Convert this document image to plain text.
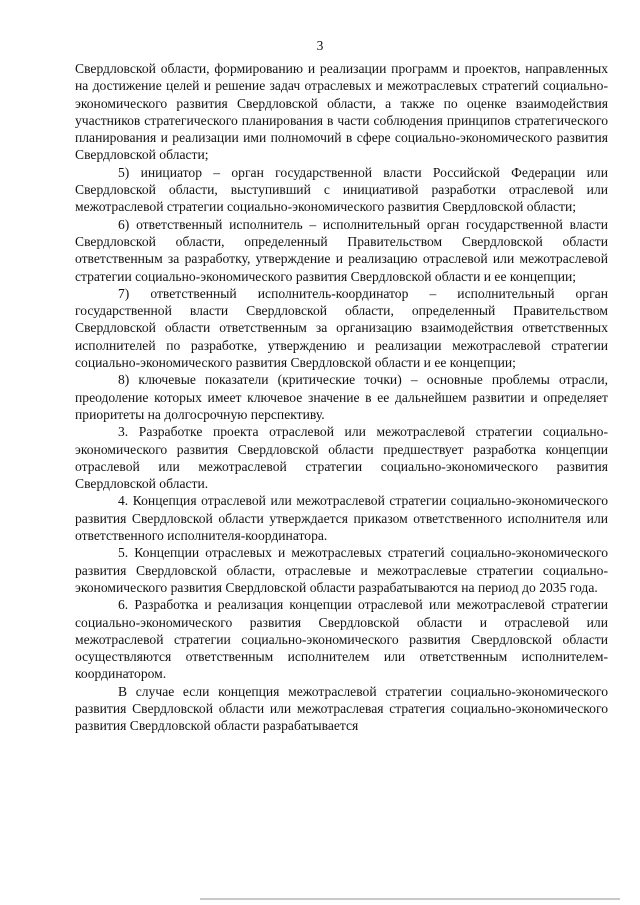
3

Свердловской области, формированию и реализации программ и проектов, направленных на достижение целей и решение задач отраслевых и межотраслевых стратегий социально-экономического развития Свердловской области, а также по оценке взаимодействия участников стратегического планирования в части соблюдения принципов стратегического планирования и реализации ими полномочий в сфере социально-экономического развития Свердловской области;

5) инициатор – орган государственной власти Российской Федерации или Свердловской области, выступивший с инициативой разработки отраслевой или межотраслевой стратегии социально-экономического развития Свердловской области;

6) ответственный исполнитель – исполнительный орган государственной власти Свердловской области, определенный Правительством Свердловской области ответственным за разработку, утверждение и реализацию отраслевой или межотраслевой стратегии социально-экономического развития Свердловской области и ее концепции;

7) ответственный исполнитель-координатор – исполнительный орган государственной власти Свердловской области, определенный Правительством Свердловской области ответственным за организацию взаимодействия ответственных исполнителей по разработке, утверждению и реализации межотраслевой стратегии социально-экономического развития Свердловской области и ее концепции;

8) ключевые показатели (критические точки) – основные проблемы отрасли, преодоление которых имеет ключевое значение в ее дальнейшем развитии и определяет приоритеты на долгосрочную перспективу.

3. Разработке проекта отраслевой или межотраслевой стратегии социально-экономического развития Свердловской области предшествует разработка концепции отраслевой или межотраслевой стратегии социально-экономического развития Свердловской области.

4. Концепция отраслевой или межотраслевой стратегии социально-экономического развития Свердловской области утверждается приказом ответственного исполнителя или ответственного исполнителя-координатора.

5. Концепции отраслевых и межотраслевых стратегий социально-экономического развития Свердловской области, отраслевые и межотраслевые стратегии социально-экономического развития Свердловской области разрабатываются на период до 2035 года.

6. Разработка и реализация концепции отраслевой или межотраслевой стратегии социально-экономического развития Свердловской области и отраслевой или межотраслевой стратегии социально-экономического развития Свердловской области осуществляются ответственным исполнителем или ответственным исполнителем-координатором.

В случае если концепция межотраслевой стратегии социально-экономического развития Свердловской области или межотраслевая стратегия социально-экономического развития Свердловской области разрабатывается
